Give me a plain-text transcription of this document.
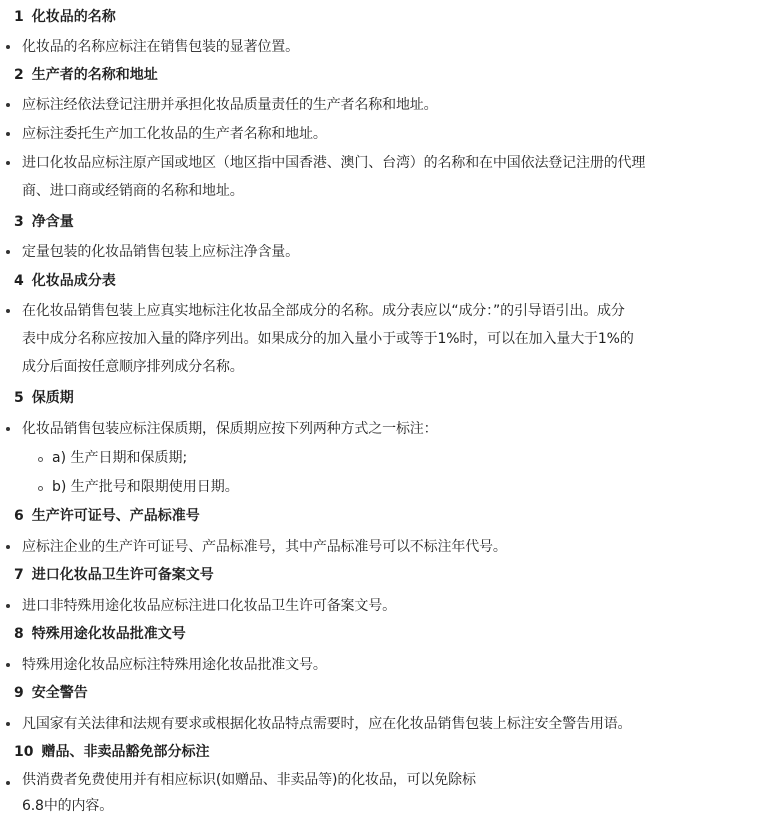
1 化妆品的名称
化妆品的名称应标注在销售包装的显著位置。
2 生产者的名称和地址
应标注经依法登记注册并承担化妆品质量责任的生产者名称和地址。
应标注委托生产加工化妆品的生产者名称和地址。
进口化妆品应标注原产国或地区（地区指中国香港、澳门、台湾）的名称和在中国依法登记注册的代理
商、进口商或经销商的名称和地址。
3 净含量
定量包装的化妆品销售包装上应标注净含量。
4 化妆品成分表
在化妆品销售包装上应真实地标注化妆品全部成分的名称。成分表应以“成分：”的引导语引出。成分
表中成分名称应按加入量的降序列出。如果成分的加入量小于或等于1%时，可以在加入量大于1%的
成分后面按任意顺序排列成分名称。
5 保质期
化妆品销售包装应标注保质期，保质期应按下列两种方式之一标注：
a) 生产日期和保质期;
b) 生产批号和限期使用日期。
6 生产许可证号、产品标准号
应标注企业的生产许可证号、产品标准号，其中产品标准号可以不标注年代号。
7 进口化妆品卫生许可备案文号
进口非特殊用途化妆品应标注进口化妆品卫生许可备案文号。
8 特殊用途化妆品批准文号
特殊用途化妆品应标注特殊用途化妆品批准文号。
9 安全警告
凡国家有关法律和法规有要求或根据化妆品特点需要时，应在化妆品销售包装上标注安全警告用语。
10 赠品、非卖品豁免部分标注
供消费者免费使用并有相应标识(如赠品、非卖品等)的化妆品，可以免除标
6.8中的内容。
